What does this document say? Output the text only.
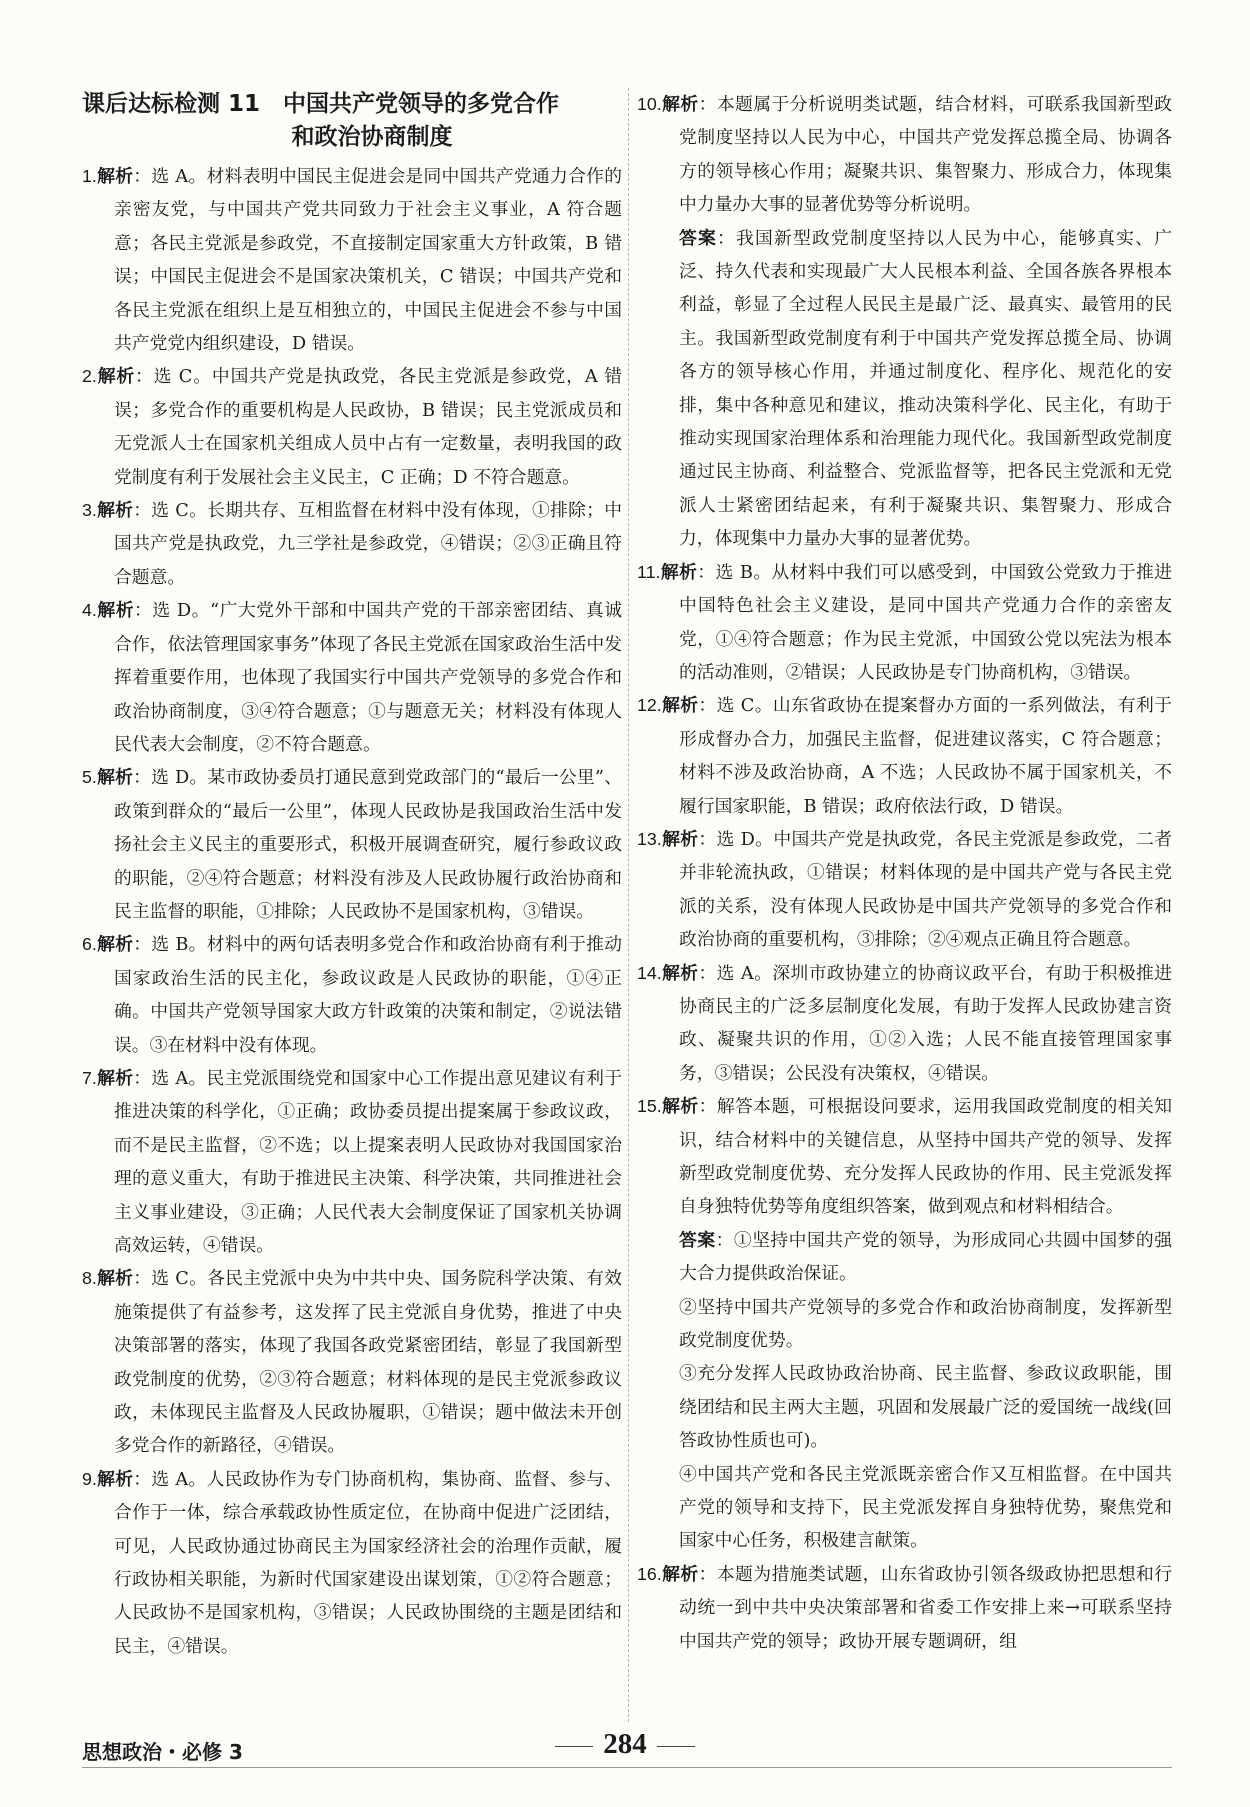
课后达标检测 11　中国共产党领导的多党合作
和政治协商制度

1.解析：选 A。材料表明中国民主促进会是同中国共产党通力合作的亲密友党，与中国共产党共同致力于社会主义事业，A 符合题意；各民主党派是参政党，不直接制定国家重大方针政策，B 错误；中国民主促进会不是国家决策机关，C 错误；中国共产党和各民主党派在组织上是互相独立的，中国民主促进会不参与中国共产党党内组织建设，D 错误。

2.解析：选 C。中国共产党是执政党，各民主党派是参政党，A 错误；多党合作的重要机构是人民政协，B 错误；民主党派成员和无党派人士在国家机关组成人员中占有一定数量，表明我国的政党制度有利于发展社会主义民主，C 正确；D 不符合题意。

3.解析：选 C。长期共存、互相监督在材料中没有体现，①排除；中国共产党是执政党，九三学社是参政党，④错误；②③正确且符合题意。

4.解析：选 D。“广大党外干部和中国共产党的干部亲密团结、真诚合作，依法管理国家事务”体现了各民主党派在国家政治生活中发挥着重要作用，也体现了我国实行中国共产党领导的多党合作和政治协商制度，③④符合题意；①与题意无关；材料没有体现人民代表大会制度，②不符合题意。

5.解析：选 D。某市政协委员打通民意到党政部门的“最后一公里”、政策到群众的“最后一公里”，体现人民政协是我国政治生活中发扬社会主义民主的重要形式，积极开展调查研究，履行参政议政的职能，②④符合题意；材料没有涉及人民政协履行政治协商和民主监督的职能，①排除；人民政协不是国家机构，③错误。

6.解析：选 B。材料中的两句话表明多党合作和政治协商有利于推动国家政治生活的民主化，参政议政是人民政协的职能，①④正确。中国共产党领导国家大政方针政策的决策和制定，②说法错误。③在材料中没有体现。

7.解析：选 A。民主党派围绕党和国家中心工作提出意见建议有利于推进决策的科学化，①正确；政协委员提出提案属于参政议政，而不是民主监督，②不选；以上提案表明人民政协对我国国家治理的意义重大，有助于推进民主决策、科学决策，共同推进社会主义事业建设，③正确；人民代表大会制度保证了国家机关协调高效运转，④错误。

8.解析：选 C。各民主党派中央为中共中央、国务院科学决策、有效施策提供了有益参考，这发挥了民主党派自身优势，推进了中央决策部署的落实，体现了我国各政党紧密团结，彰显了我国新型政党制度的优势，②③符合题意；材料体现的是民主党派参政议政，未体现民主监督及人民政协履职，①错误；题中做法未开创多党合作的新路径，④错误。

9.解析：选 A。人民政协作为专门协商机构，集协商、监督、参与、合作于一体，综合承载政协性质定位，在协商中促进广泛团结，可见，人民政协通过协商民主为国家经济社会的治理作贡献，履行政协相关职能，为新时代国家建设出谋划策，①②符合题意；人民政协不是国家机构，③错误；人民政协围绕的主题是团结和民主，④错误。

10.解析：本题属于分析说明类试题，结合材料，可联系我国新型政党制度坚持以人民为中心，中国共产党发挥总揽全局、协调各方的领导核心作用；凝聚共识、集智聚力、形成合力，体现集中力量办大事的显著优势等分析说明。

答案：我国新型政党制度坚持以人民为中心，能够真实、广泛、持久代表和实现最广大人民根本利益、全国各族各界根本利益，彰显了全过程人民民主是最广泛、最真实、最管用的民主。我国新型政党制度有利于中国共产党发挥总揽全局、协调各方的领导核心作用，并通过制度化、程序化、规范化的安排，集中各种意见和建议，推动决策科学化、民主化，有助于推动实现国家治理体系和治理能力现代化。我国新型政党制度通过民主协商、利益整合、党派监督等，把各民主党派和无党派人士紧密团结起来，有利于凝聚共识、集智聚力、形成合力，体现集中力量办大事的显著优势。

11.解析：选 B。从材料中我们可以感受到，中国致公党致力于推进中国特色社会主义建设，是同中国共产党通力合作的亲密友党，①④符合题意；作为民主党派，中国致公党以宪法为根本的活动准则，②错误；人民政协是专门协商机构，③错误。

12.解析：选 C。山东省政协在提案督办方面的一系列做法，有利于形成督办合力，加强民主监督，促进建议落实，C 符合题意；材料不涉及政治协商，A 不选；人民政协不属于国家机关，不履行国家职能，B 错误；政府依法行政，D 错误。

13.解析：选 D。中国共产党是执政党，各民主党派是参政党，二者并非轮流执政，①错误；材料体现的是中国共产党与各民主党派的关系，没有体现人民政协是中国共产党领导的多党合作和政治协商的重要机构，③排除；②④观点正确且符合题意。

14.解析：选 A。深圳市政协建立的协商议政平台，有助于积极推进协商民主的广泛多层制度化发展，有助于发挥人民政协建言资政、凝聚共识的作用，①②入选；人民不能直接管理国家事务，③错误；公民没有决策权，④错误。

15.解析：解答本题，可根据设问要求，运用我国政党制度的相关知识，结合材料中的关键信息，从坚持中国共产党的领导、发挥新型政党制度优势、充分发挥人民政协的作用、民主党派发挥自身独特优势等角度组织答案，做到观点和材料相结合。

答案：①坚持中国共产党的领导，为形成同心共圆中国梦的强大合力提供政治保证。

②坚持中国共产党领导的多党合作和政治协商制度，发挥新型政党制度优势。

③充分发挥人民政协政治协商、民主监督、参政议政职能，围绕团结和民主两大主题，巩固和发展最广泛的爱国统一战线(回答政协性质也可)。

④中国共产党和各民主党派既亲密合作又互相监督。在中国共产党的领导和支持下，民主党派发挥自身独特优势，聚焦党和国家中心任务，积极建言献策。

16.解析：本题为措施类试题，山东省政协引领各级政协把思想和行动统一到中共中央决策部署和省委工作安排上来→可联系坚持中国共产党的领导；政协开展专题调研，组

思想政治・必修 3	284
